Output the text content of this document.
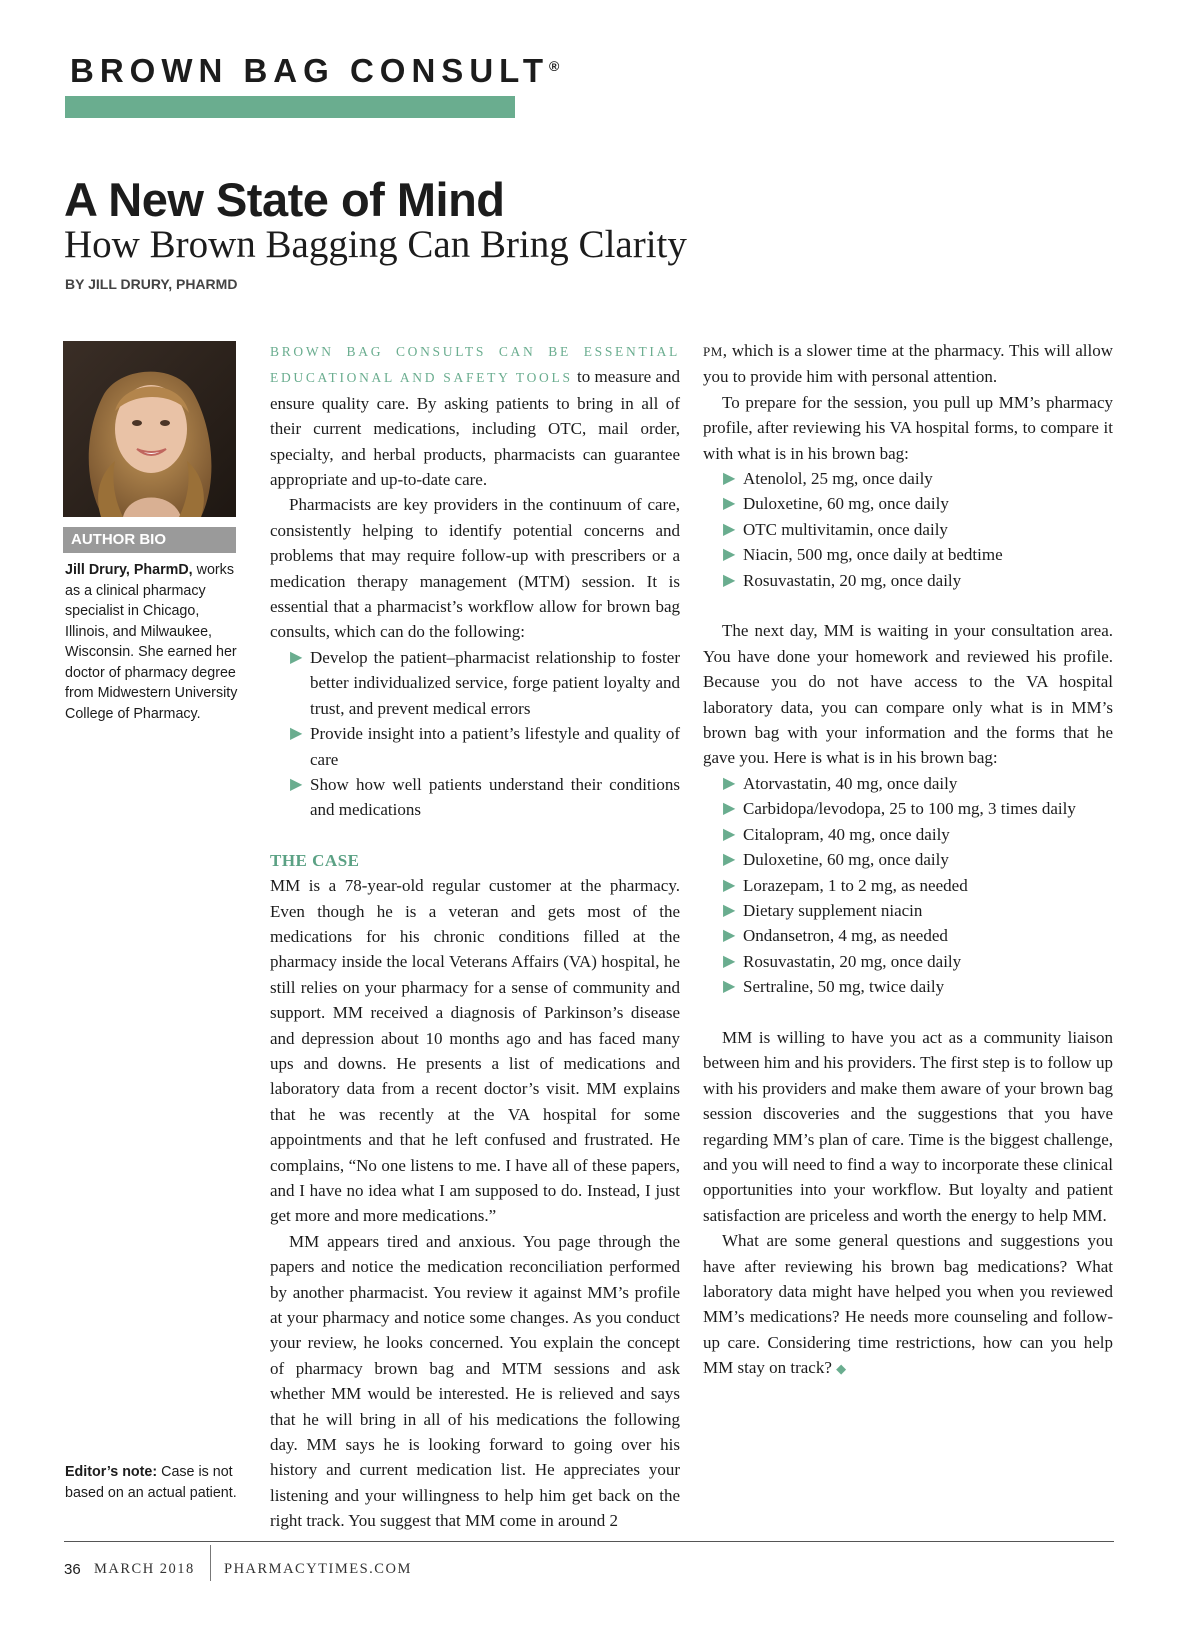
BROWN BAG CONSULT®
A New State of Mind
How Brown Bagging Can Bring Clarity
BY JILL DRURY, PHARMD
AUTHOR BIO
Jill Drury, PharmD, works as a clinical pharmacy specialist in Chicago, Illinois, and Milwaukee, Wisconsin. She earned her doctor of pharmacy degree from Midwestern University College of Pharmacy.
Editor’s note: Case is not based on an actual patient.

BROWN BAG CONSULTS CAN BE ESSENTIAL EDUCATIONAL AND SAFETY TOOLS to measure and ensure quality care. By asking patients to bring in all of their current medications, including OTC, mail order, specialty, and herbal products, pharmacists can guarantee appropriate and up-to-date care.

Pharmacists are key providers in the continuum of care, consistently helping to identify potential concerns and problems that may require follow-up with prescribers or a medication therapy management (MTM) session. It is essential that a pharmacist’s workflow allow for brown bag consults, which can do the following:

▶ Develop the patient–pharmacist relationship to foster better individualized service, forge patient loyalty and trust, and prevent medical errors
▶ Provide insight into a patient’s lifestyle and quality of care
▶ Show how well patients understand their conditions and medications

THE CASE

MM is a 78-year-old regular customer at the pharmacy. Even though he is a veteran and gets most of the medications for his chronic conditions filled at the pharmacy inside the local Veterans Affairs (VA) hospital, he still relies on your pharmacy for a sense of community and support. MM received a diagnosis of Parkinson’s disease and depression about 10 months ago and has faced many ups and downs. He presents a list of medications and laboratory data from a recent doctor’s visit. MM explains that he was recently at the VA hospital for some appointments and that he left confused and frustrated. He complains, “No one listens to me. I have all of these papers, and I have no idea what I am supposed to do. Instead, I just get more and more medications.”

MM appears tired and anxious. You page through the papers and notice the medication reconciliation performed by another pharmacist. You review it against MM’s profile at your pharmacy and notice some changes. As you conduct your review, he looks concerned. You explain the concept of pharmacy brown bag and MTM sessions and ask whether MM would be interested. He is relieved and says that he will bring in all of his medications the following day. MM says he is looking forward to going over his history and current medication list. He appreciates your listening and your willingness to help him get back on the right track. You suggest that MM come in around 2

PM, which is a slower time at the pharmacy. This will allow you to provide him with personal attention.

To prepare for the session, you pull up MM’s pharmacy profile, after reviewing his VA hospital forms, to compare it with what is in his brown bag:

▶ Atenolol, 25 mg, once daily
▶ Duloxetine, 60 mg, once daily
▶ OTC multivitamin, once daily
▶ Niacin, 500 mg, once daily at bedtime
▶ Rosuvastatin, 20 mg, once daily

The next day, MM is waiting in your consultation area. You have done your homework and reviewed his profile. Because you do not have access to the VA hospital laboratory data, you can compare only what is in MM’s brown bag with your information and the forms that he gave you. Here is what is in his brown bag:

▶ Atorvastatin, 40 mg, once daily
▶ Carbidopa/levodopa, 25 to 100 mg, 3 times daily
▶ Citalopram, 40 mg, once daily
▶ Duloxetine, 60 mg, once daily
▶ Lorazepam, 1 to 2 mg, as needed
▶ Dietary supplement niacin
▶ Ondansetron, 4 mg, as needed
▶ Rosuvastatin, 20 mg, once daily
▶ Sertraline, 50 mg, twice daily

MM is willing to have you act as a community liaison between him and his providers. The first step is to follow up with his providers and make them aware of your brown bag session discoveries and the suggestions that you have regarding MM’s plan of care. Time is the biggest challenge, and you will need to find a way to incorporate these clinical opportunities into your workflow. But loyalty and patient satisfaction are priceless and worth the energy to help MM.

What are some general questions and suggestions you have after reviewing his brown bag medications? What laboratory data might have helped you when you reviewed MM’s medications? He needs more counseling and follow-up care. Considering time restrictions, how can you help MM stay on track? ◆

36 MARCH 2018 PHARMACYTIMES.COM
